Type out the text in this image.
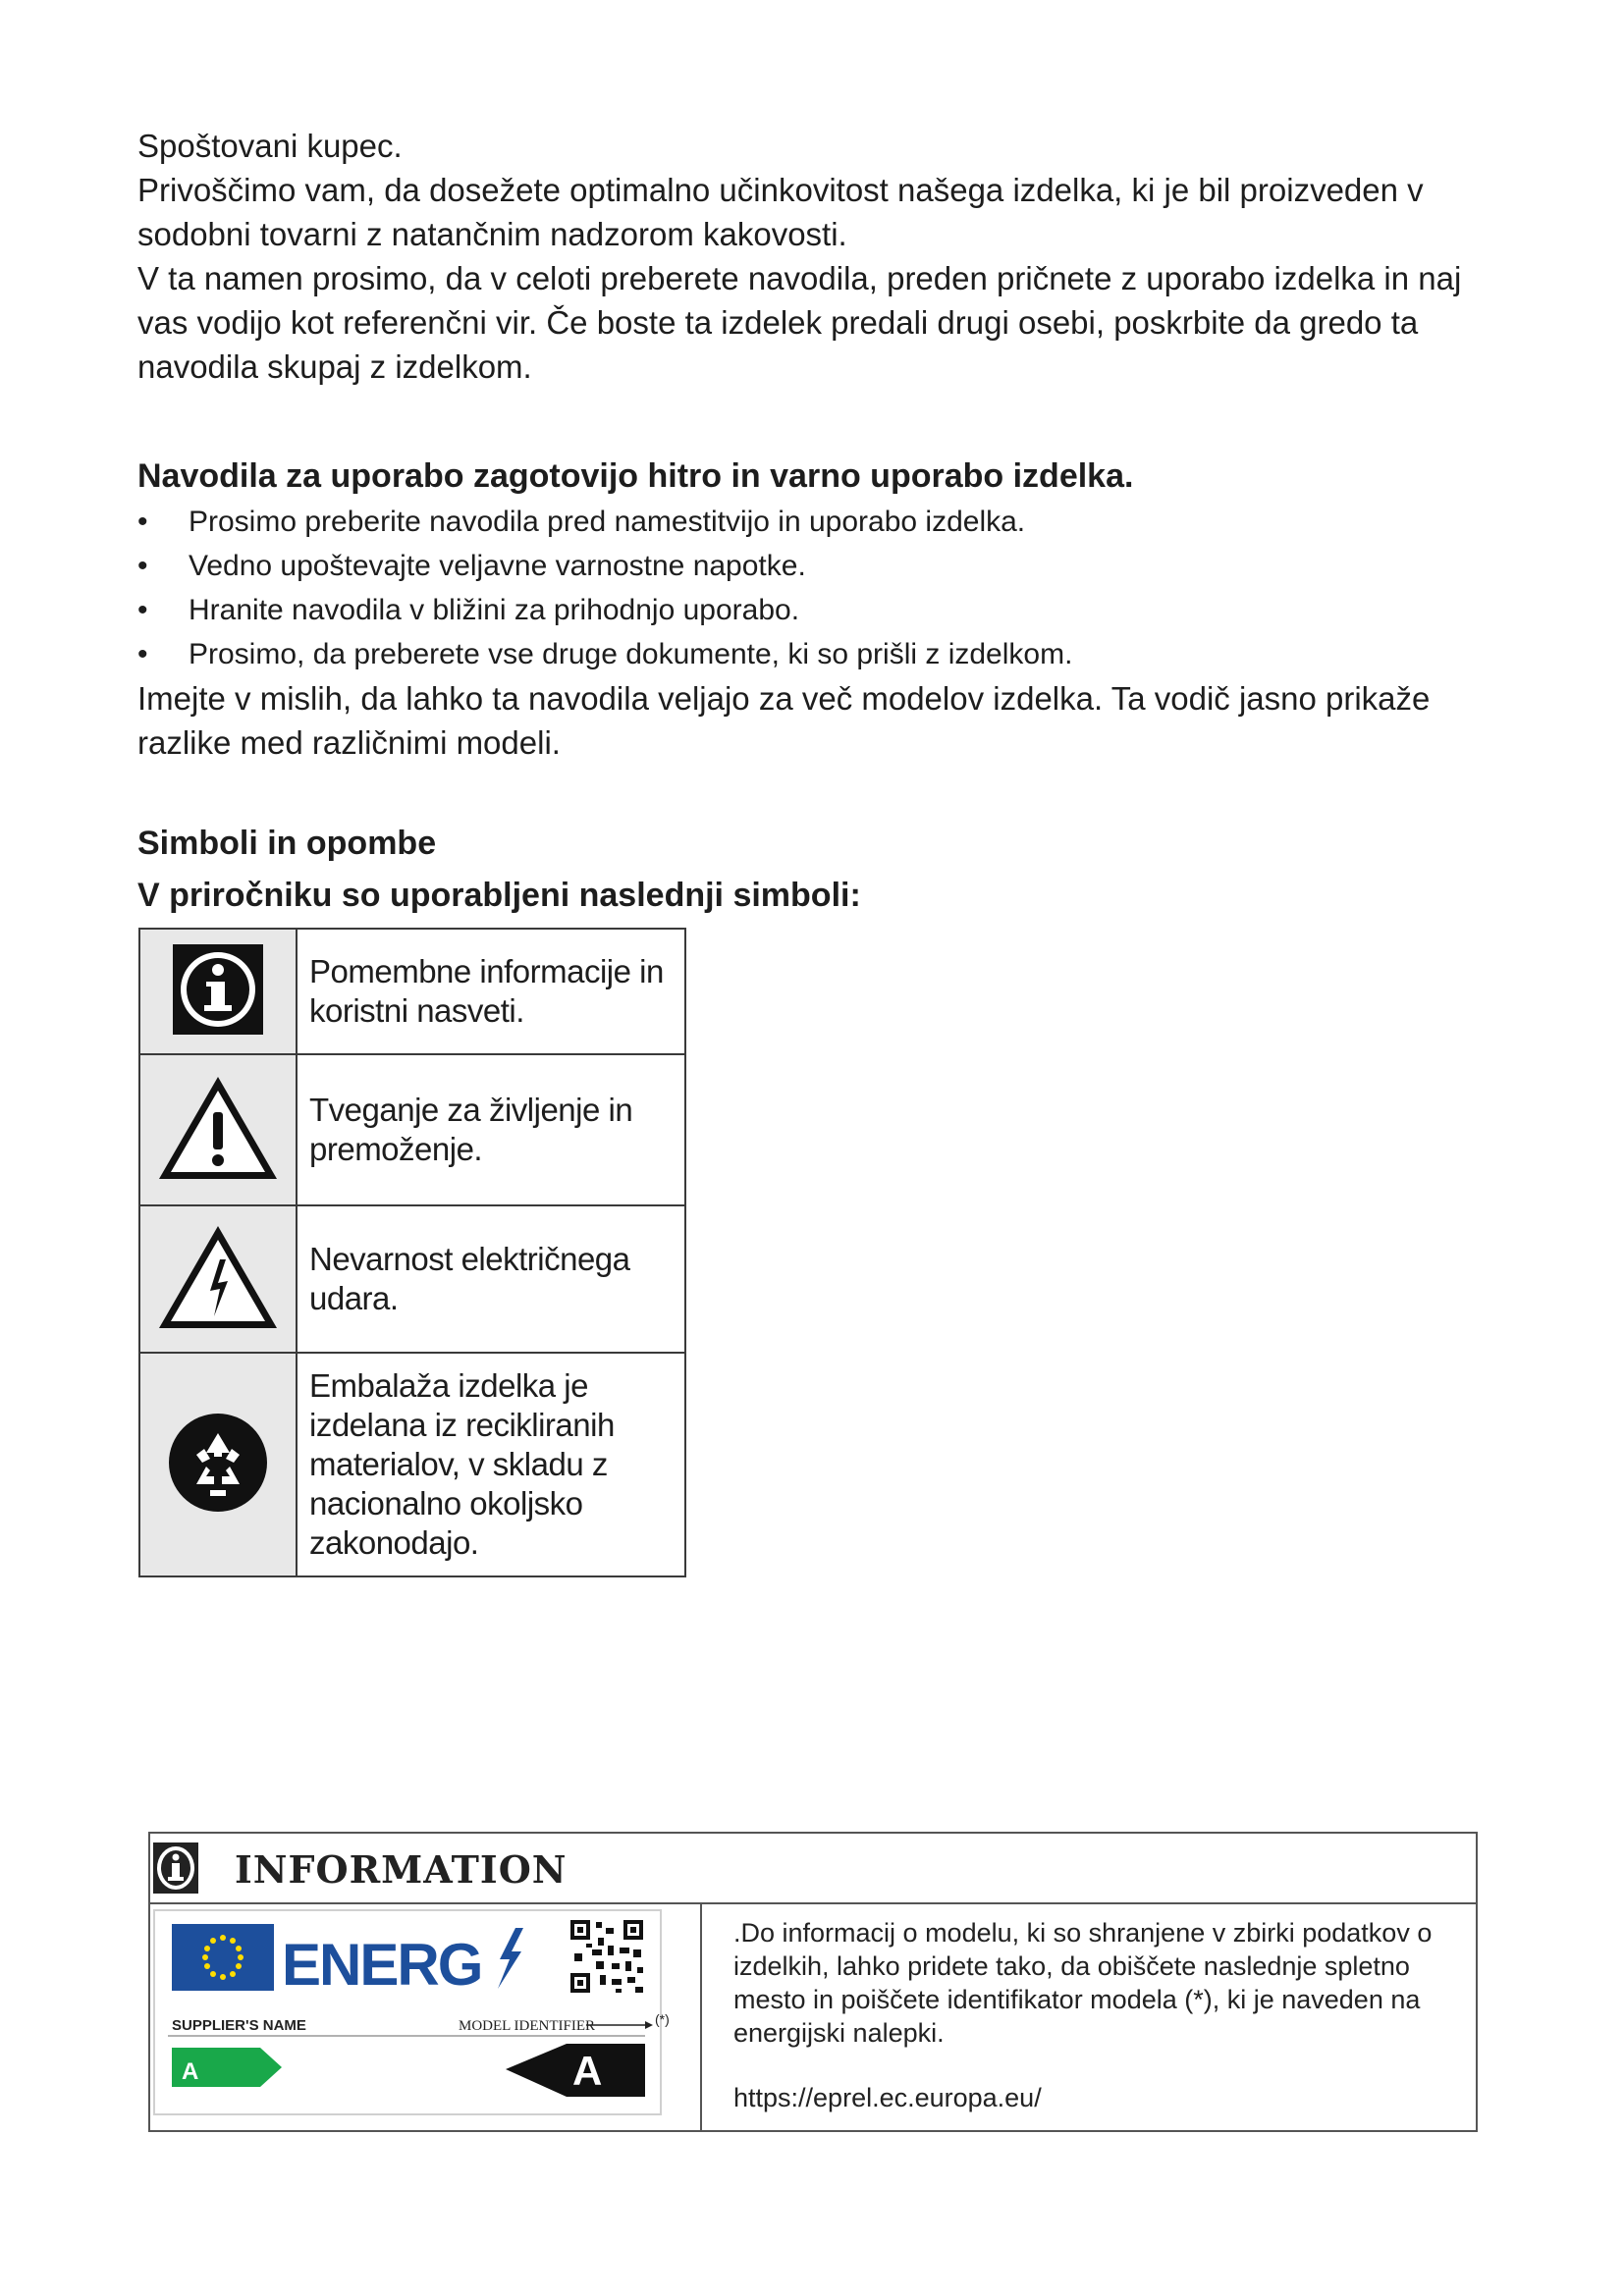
Spoštovani kupec.

Privoščimo vam, da dosežete optimalno učinkovitost našega izdelka, ki je bil proizveden v sodobni tovarni z natančnim nadzorom kakovosti.

V ta namen prosimo, da v celoti preberete navodila, preden pričnete z uporabo izdelka in naj vas vodijo kot referenčni vir. Če boste ta izdelek predali drugi osebi, poskrbite da gredo ta navodila skupaj z izdelkom.

Navodila za uporabo zagotovijo hitro in varno uporabo izdelka.
• Prosimo preberite navodila pred namestitvijo in uporabo izdelka.
• Vedno upoštevajte veljavne varnostne napotke.
• Hranite navodila v bližini za prihodnjo uporabo.
• Prosimo, da preberete vse druge dokumente, ki so prišli z izdelkom.

Imejte v mislih, da lahko ta navodila veljajo za več modelov izdelka. Ta vodič jasno prikaže razlike med različnimi modeli.

Simboli in opombe
V priročniku so uporabljeni naslednji simboli:
	Pomembne informacije in koristni nasveti.
	Tveganje za življenje in premoženje.
	Nevarnost električnega udara.
	Embalaža izdelka je izdelana iz recikliranih materialov, v skladu z nacionalno okoljsko zakonodajo.
INFORMATION
ENERG
SUPPLIER'S NAME	MODEL IDENTIFIER	(*)
A	A

.Do informacij o modelu, ki so shranjene v zbirki podatkov o izdelkih, lahko pridete tako, da obiščete naslednje spletno mesto in poiščete identifikator modela (*), ki je naveden na energijski nalepki.

https://eprel.ec.europa.eu/
